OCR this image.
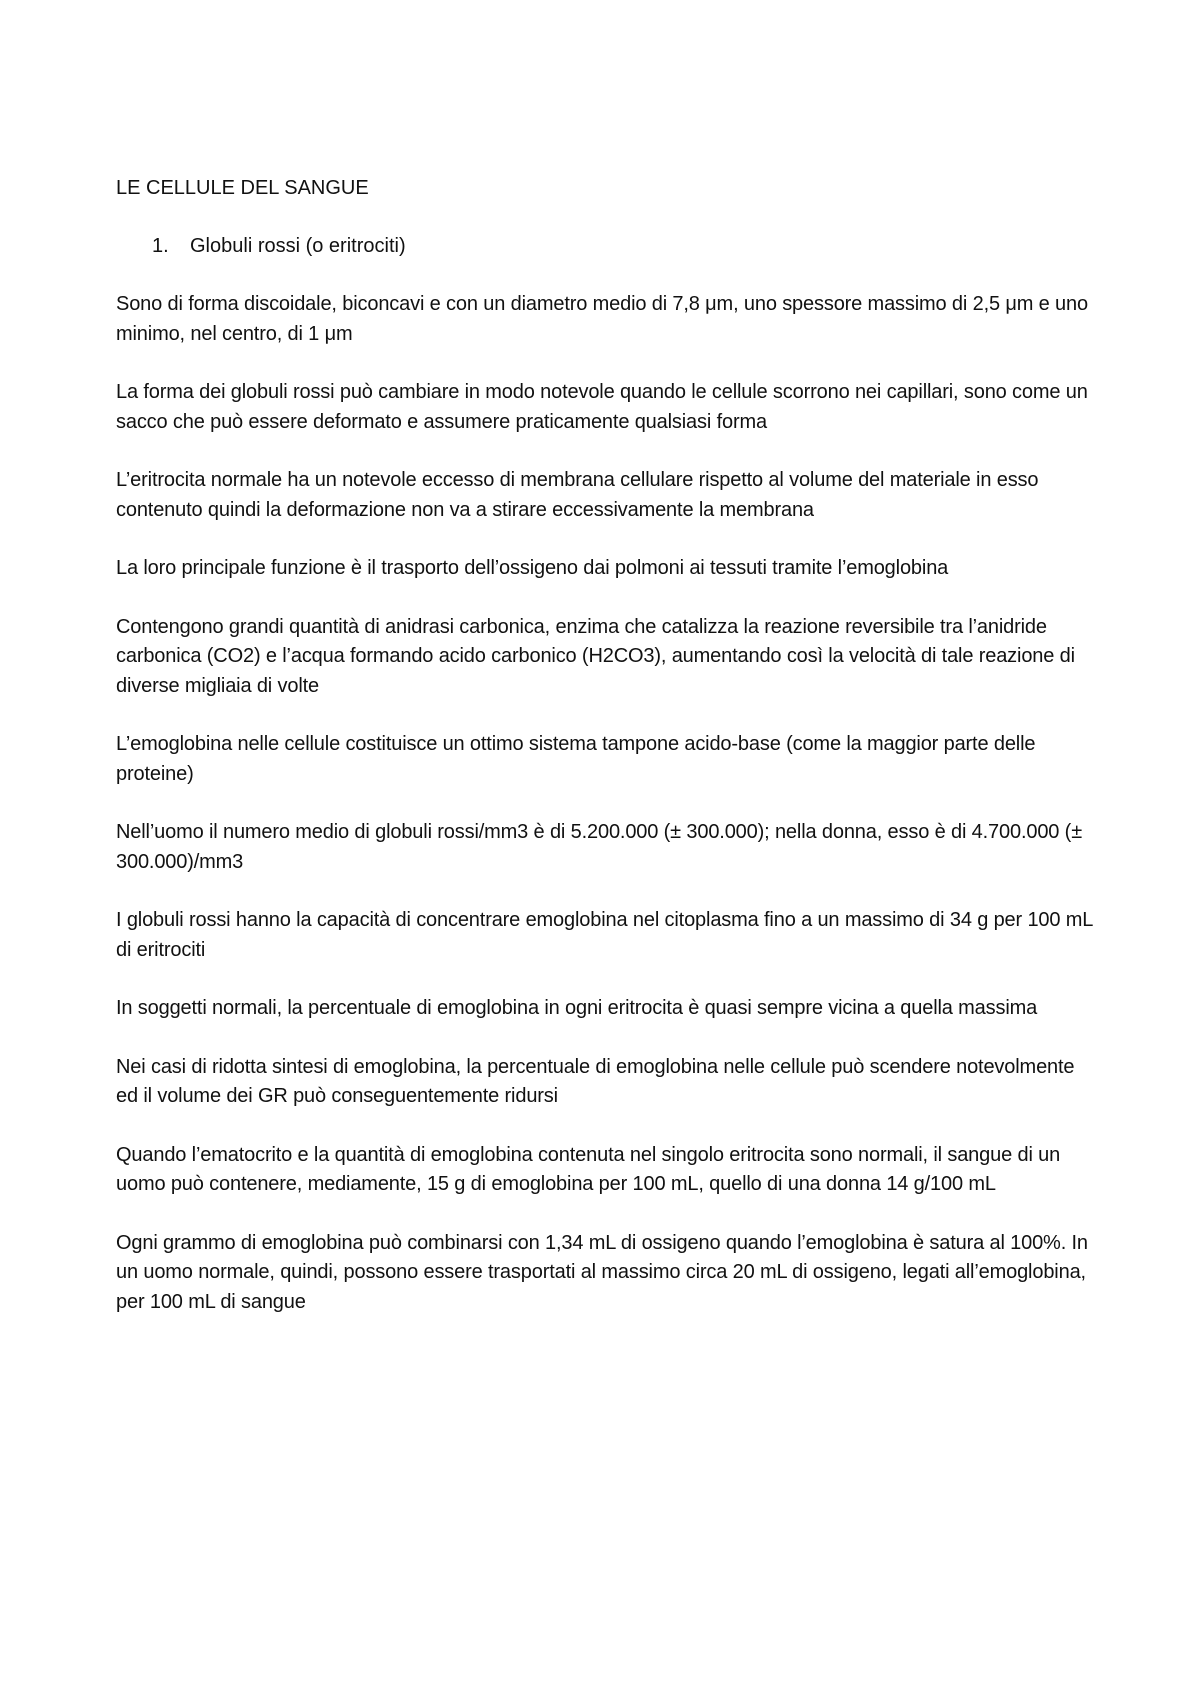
LE CELLULE DEL SANGUE
1.	Globuli rossi (o eritrociti)

Sono di forma discoidale, biconcavi e con un diametro medio di 7,8 μm, uno spessore massimo di 2,5 μm e uno minimo, nel centro, di 1 μm

La forma dei globuli rossi può cambiare in modo notevole quando le cellule scorrono nei capillari, sono come un sacco che può essere deformato e assumere praticamente qualsiasi forma

L’eritrocita normale ha un notevole eccesso di membrana cellulare rispetto al volume del materiale in esso contenuto quindi la deformazione non va a stirare eccessivamente la membrana

La loro principale funzione è il trasporto dell’ossigeno dai polmoni ai tessuti tramite l’emoglobina

Contengono grandi quantità di anidrasi carbonica, enzima che catalizza la reazione reversibile tra l’anidride carbonica (CO2) e l’acqua formando acido carbonico (H2CO3), aumentando così la velocità di tale reazione di diverse migliaia di volte

L’emoglobina nelle cellule costituisce un ottimo sistema tampone acido-base (come la maggior parte delle proteine)

Nell’uomo il numero medio di globuli rossi/mm3 è di 5.200.000 (± 300.000); nella donna, esso è di 4.700.000 (± 300.000)/mm3

I globuli rossi hanno la capacità di concentrare emoglobina nel citoplasma fino a un massimo di 34 g per 100 mL di eritrociti

In soggetti normali, la percentuale di emoglobina in ogni eritrocita è quasi sempre vicina a quella massima

Nei casi di ridotta sintesi di emoglobina, la percentuale di emoglobina nelle cellule può scendere notevolmente ed il volume dei GR può conseguentemente ridursi

Quando l’ematocrito e la quantità di emoglobina contenuta nel singolo eritrocita sono normali, il sangue di un uomo può contenere, mediamente, 15 g di emoglobina per 100 mL, quello di una donna 14 g/100 mL

Ogni grammo di emoglobina può combinarsi con 1,34 mL di ossigeno quando l’emoglobina è satura al 100%. In un uomo normale, quindi, possono essere trasportati al massimo circa 20 mL di ossigeno, legati all’emoglobina, per 100 mL di sangue
